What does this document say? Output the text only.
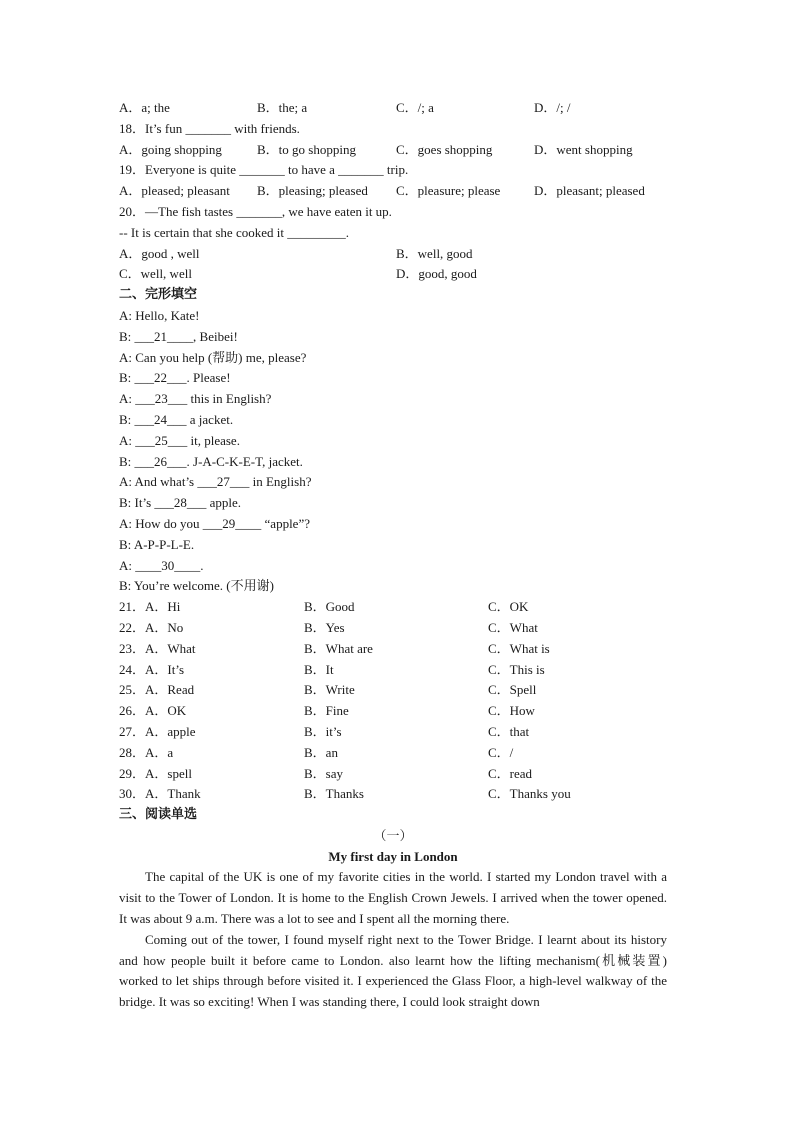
A．a; the	B．the; a	C．/; a	D．/; /
18．It’s fun _______ with friends.
A．going shopping	B．to go shopping	C．goes shopping	D．went shopping
19．Everyone is quite _______ to have a _______ trip.
A．pleased; pleasant B．pleasing; pleased C．pleasure; please	D．pleasant; pleased
20．—The fish tastes _______, we have eaten it up.
-- It is certain that she cooked it _________.
A．good , well	B．well, good
C．well, well	D．good, good
二、完形填空
A: Hello, Kate!
B: ___21____, Beibei!
A: Can you help (帮助) me, please?
B: ___22___. Please!
A: ___23___ this in English?
B: ___24___ a jacket.
A: ___25___ it, please.
B: ___26___. J-A-C-K-E-T, jacket.
A: And what’s ___27___ in English?
B: It’s ___28___ apple.
A: How do you ___29____ “apple”?
B: A-P-P-L-E.
A: ____30____.
B: You’re welcome. (不用谢)
21．A．Hi	B．Good	C．OK
22．A．No	B．Yes	C．What
23．A．What	B．What are	C．What is
24．A．It’s	B．It	C．This is
25．A．Read	B．Write	C．Spell
26．A．OK	B．Fine	C．How
27．A．apple	B．it’s	C．that
28．A．a	B．an	C．/
29．A．spell	B．say	C．read
30．A．Thank	B．Thanks	C．Thanks you
三、阅读单选
（一）
My first day in London

The capital of the UK is one of my favorite cities in the world. I started my London travel with a visit to the Tower of London. It is home to the English Crown Jewels. I arrived when the tower opened. It was about 9 a.m. There was a lot to see and I spent all the morning there.

Coming out of the tower, I found myself right next to the Tower Bridge. I learnt about its history and how people built it before came to London. also learnt how the lifting mechanism(机械装置) worked to let ships through before visited it. I experienced the Glass Floor, a high-level walkway of the bridge. It was so exciting! When I was standing there, I could look straight down
